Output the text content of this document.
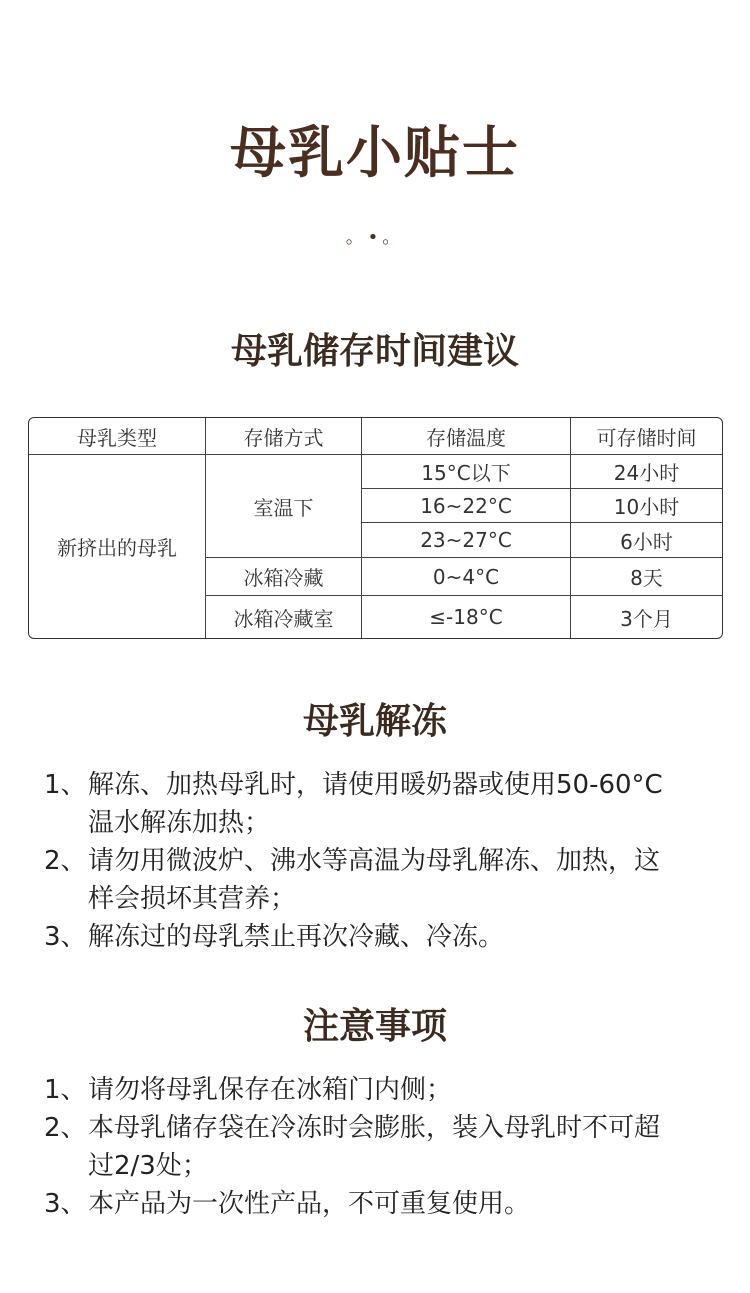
母乳小贴士
。•。
母乳储存时间建议
母乳类型	存储方式	存储温度	可存储时间
新挤出的母乳	室温下	15°C以下	24小时
		16~22°C	10小时
		23~27°C	6小时
	冰箱冷藏	0~4°C	8天
	冰箱冷藏室	≤-18°C	3个月
母乳解冻
1、解冻、加热母乳时，请使用暖奶器或使用50-60°C
温水解冻加热；
2、请勿用微波炉、沸水等高温为母乳解冻、加热，这
样会损坏其营养；
3、解冻过的母乳禁止再次冷藏、冷冻。
注意事项
1、请勿将母乳保存在冰箱门内侧；
2、本母乳储存袋在冷冻时会膨胀，装入母乳时不可超
过2/3处；
3、本产品为一次性产品，不可重复使用。
